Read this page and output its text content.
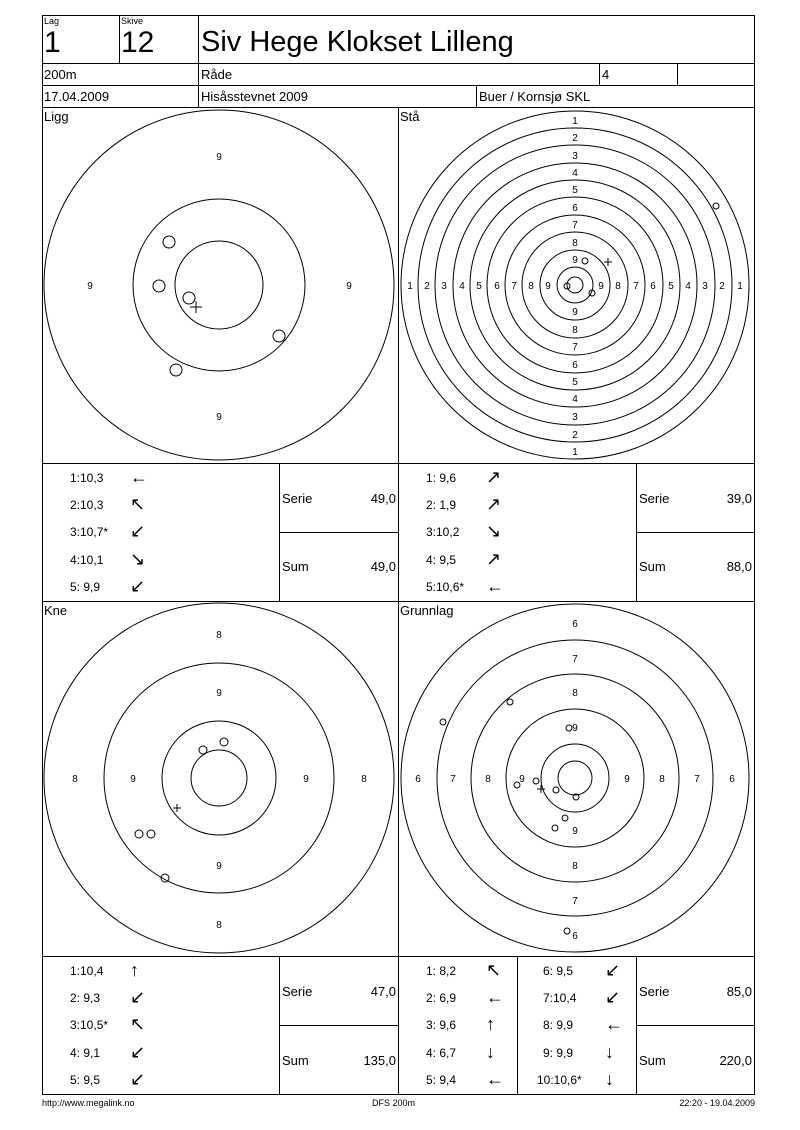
Lag
1
Skive
12 Siv Hege Klokset Lilleng
200m	Råde	4
17.04.2009	Hisåsstevnet 2009	Buer / Kornsjø SKL
Ligg	Stå
Kne	Grunnlag
9
9
9	9
1
2
3
4
5
6
7
8
9
9
8
7
6
5
4
3
2
1
1 2 3 4 5 6 7 8 9	9 8 7 6 5 4 3 2 1
8
9
9
8
8	9	9	8
6
7
8
9
9
8
7
6
6	7	8	9	9	8	7	6
1:10,3 ←
2:10,3 ↖
3:10,7* ↙
4:10,1 ↘
5: 9,9 ↙
Serie	49,0
Sum	49,0
1: 9,6 ↗
2: 1,9 ↗
3:10,2 ↘
4: 9,5 ↗
5:10,6* ←
Serie	39,0
Sum	88,0
1:10,4 ↑
2: 9,3 ↙
3:10,5* ↖
4: 9,1 ↙
5: 9,5 ↙
Serie	47,0
Sum	135,0
1: 8,2 ↖
2: 6,9 ←
3: 9,6 ↑
4: 6,7 ↓
5: 9,4 ←
6: 9,5 ↙
7:10,4 ↙
8: 9,9 ←
9: 9,9 ↓
10:10,6* ↓
Serie	85,0
Sum	220,0
http://www.megalink.no	DFS 200m	22:20 - 19.04.2009
